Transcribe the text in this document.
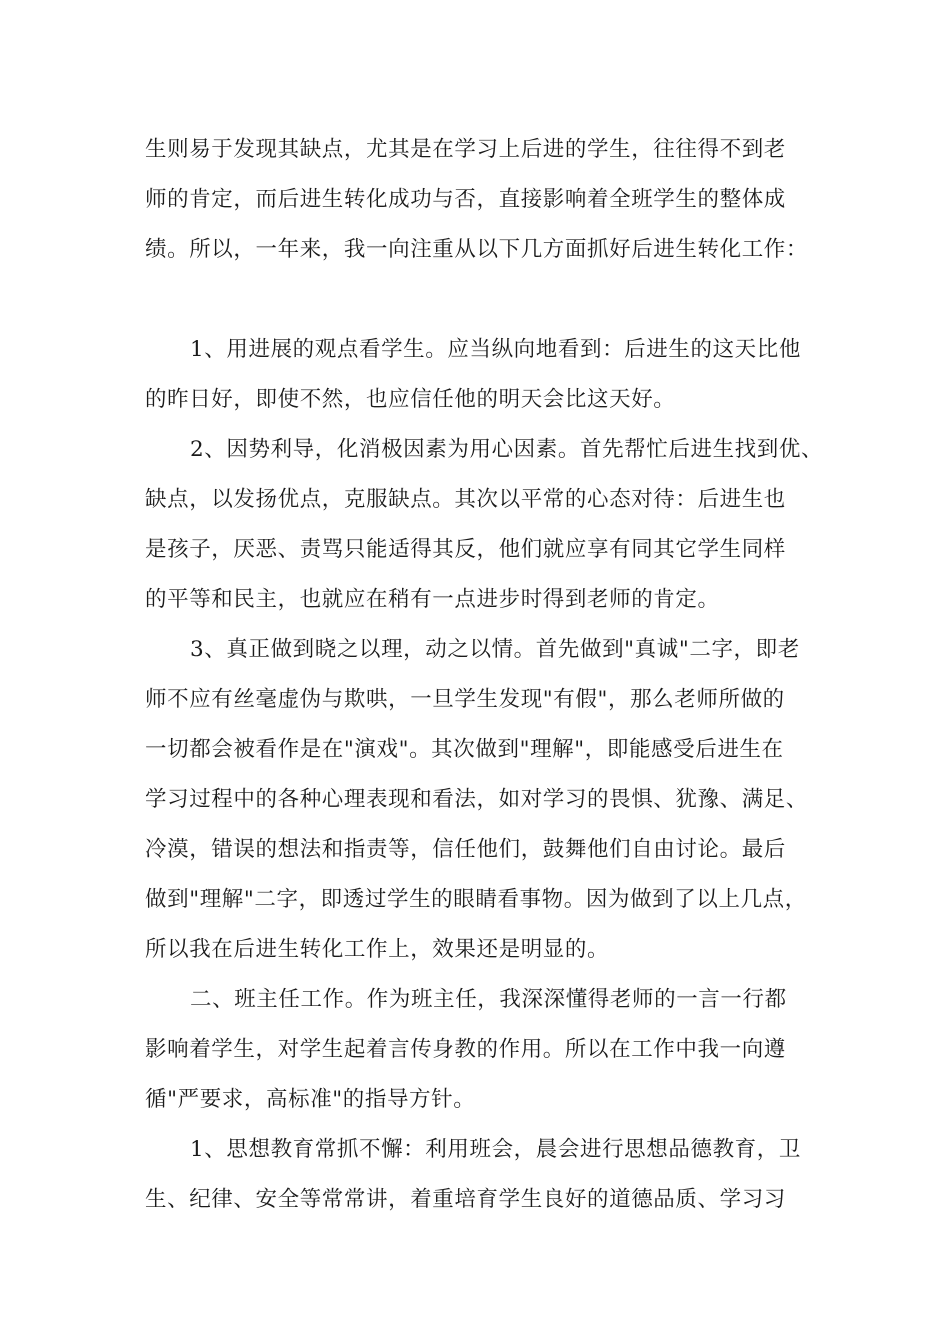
生则易于发现其缺点，尤其是在学习上后进的学生，往往得不到老
师的肯定，而后进生转化成功与否，直接影响着全班学生的整体成
绩。所以，一年来，我一向注重从以下几方面抓好后进生转化工作：
1、用进展的观点看学生。应当纵向地看到：后进生的这天比他
的昨日好，即使不然，也应信任他的明天会比这天好。
2、因势利导，化消极因素为用心因素。首先帮忙后进生找到优、
缺点，以发扬优点，克服缺点。其次以平常的心态对待：后进生也
是孩子，厌恶、责骂只能适得其反，他们就应享有同其它学生同样
的平等和民主，也就应在稍有一点进步时得到老师的肯定。
3、真正做到晓之以理，动之以情。首先做到"真诚"二字，即老
师不应有丝毫虚伪与欺哄，一旦学生发现"有假"，那么老师所做的
一切都会被看作是在"演戏"。其次做到"理解"，即能感受后进生在
学习过程中的各种心理表现和看法，如对学习的畏惧、犹豫、满足、
冷漠，错误的想法和指责等，信任他们，鼓舞他们自由讨论。最后
做到"理解"二字，即透过学生的眼睛看事物。因为做到了以上几点，
所以我在后进生转化工作上，效果还是明显的。
二、班主任工作。作为班主任，我深深懂得老师的一言一行都
影响着学生，对学生起着言传身教的作用。所以在工作中我一向遵
循"严要求，高标准"的指导方针。
1、思想教育常抓不懈：利用班会，晨会进行思想品德教育，卫
生、纪律、安全等常常讲，着重培育学生良好的道德品质、学习习
